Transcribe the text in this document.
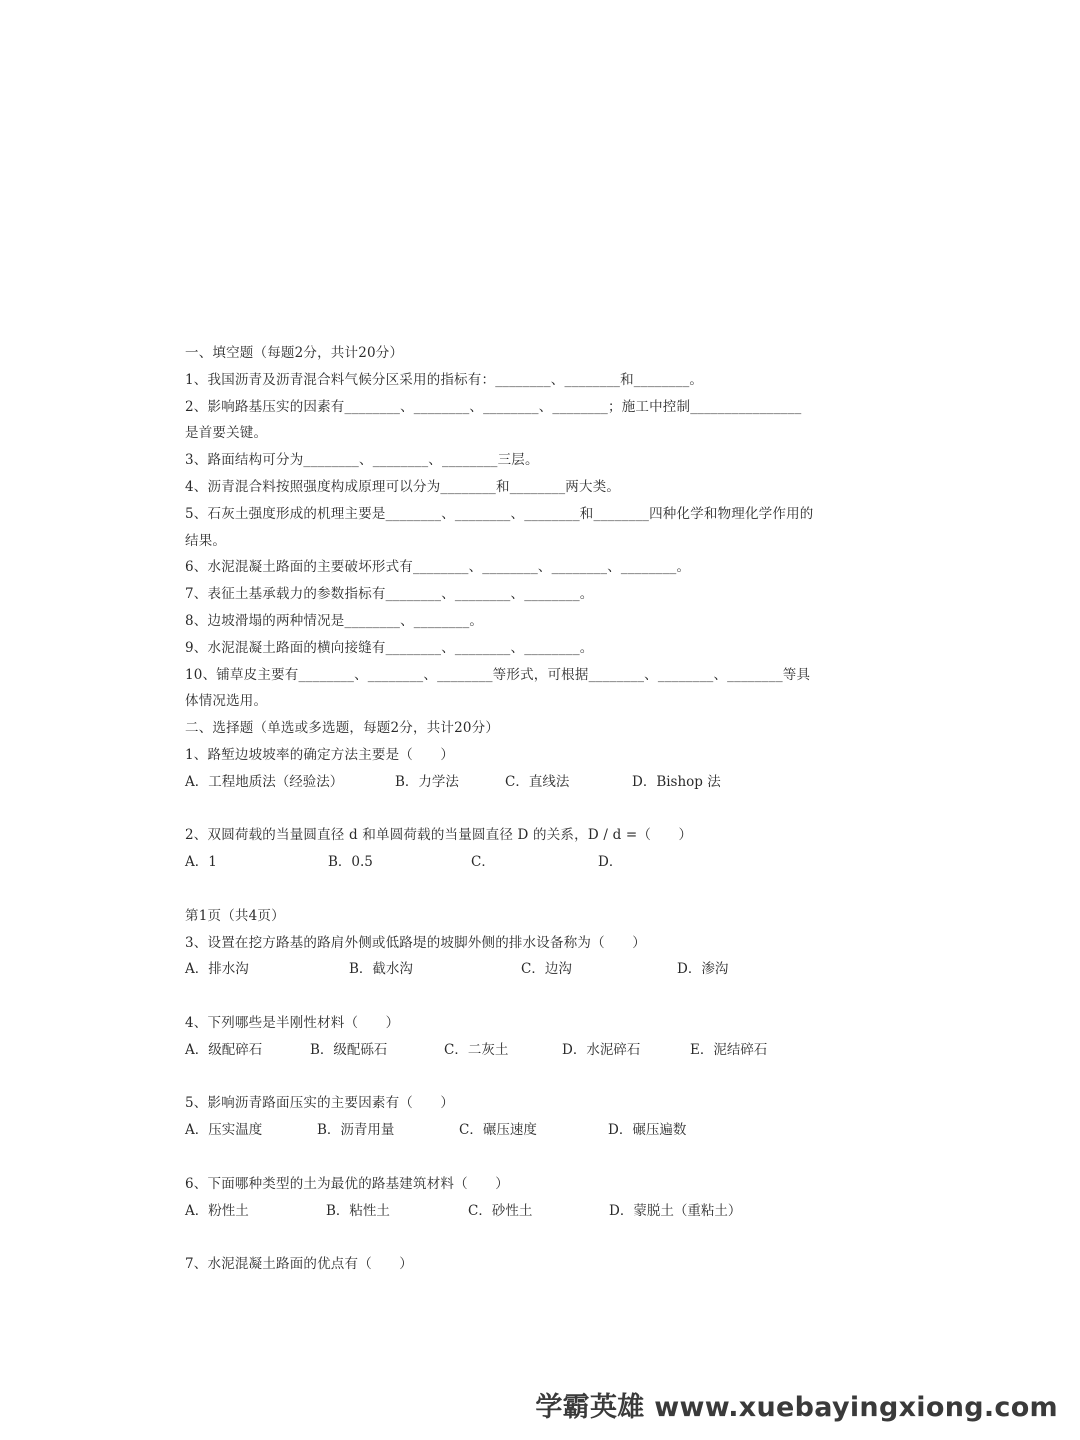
一、填空题（每题2分，共计20分）
1、我国沥青及沥青混合料气候分区采用的指标有：________、________和________。
2、影响路基压实的因素有________、________、________、________；施工中控制________________
是首要关键。
3、路面结构可分为________、________、________三层。
4、沥青混合料按照强度构成原理可以分为________和________两大类。
5、石灰土强度形成的机理主要是________、________、________和________四种化学和物理化学作用的
结果。
6、水泥混凝土路面的主要破坏形式有________、________、________、________。
7、表征土基承载力的参数指标有________、________、________。
8、边坡滑塌的两种情况是________、________。
9、水泥混凝土路面的横向接缝有________、________、________。
10、铺草皮主要有________、________、________等形式，可根据________、________、________等具
体情况选用。
二、选择题（单选或多选题，每题2分，共计20分）
1、路堑边坡坡率的确定方法主要是（　　）
A．工程地质法（经验法）	B．力学法	C．直线法	D．Bishop 法
2、双圆荷载的当量圆直径 d 和单圆荷载的当量圆直径 D 的关系，D / d =（　　）
A．1	B．0.5	C．	D．
第1页（共4页）
3、设置在挖方路基的路肩外侧或低路堤的坡脚外侧的排水设备称为（　　）
A．排水沟	B．截水沟	C．边沟	D．渗沟
4、下列哪些是半刚性材料（　　）
A．级配碎石	B．级配砾石	C．二灰土	D．水泥碎石	E．泥结碎石
5、影响沥青路面压实的主要因素有（　　）
A．压实温度	B．沥青用量	C．碾压速度	D．碾压遍数
6、下面哪种类型的土为最优的路基建筑材料（　　）
A．粉性土	B．粘性土	C．砂性土	D．蒙脱土（重粘土）
7、水泥混凝土路面的优点有（　　）
学霸英雄 www.xuebayingxiong.com
